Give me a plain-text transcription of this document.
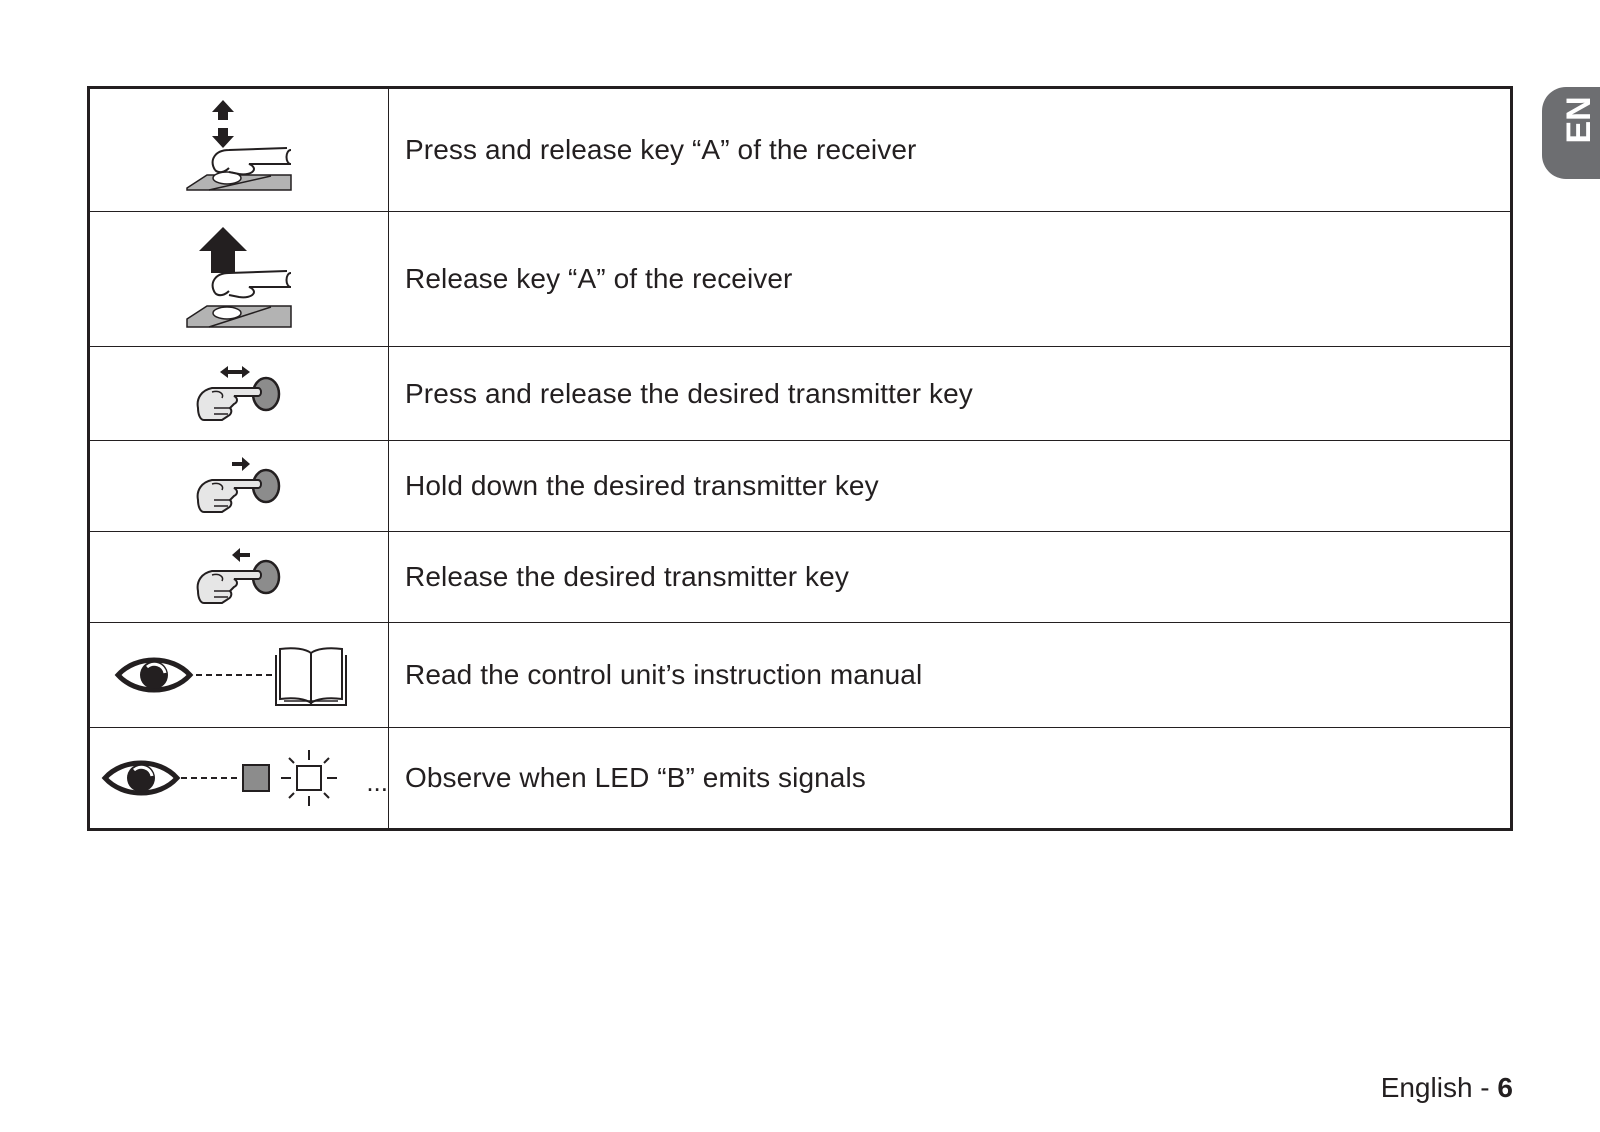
EN
	Press and release key “A” of the receiver

	Release key “A” of the receiver

	Press and release the desired transmitter key

	Hold down the desired transmitter key

	Release the desired transmitter key

	Read the control unit’s instruction manual

...	Observe when LED “B” emits signals
English - 6
